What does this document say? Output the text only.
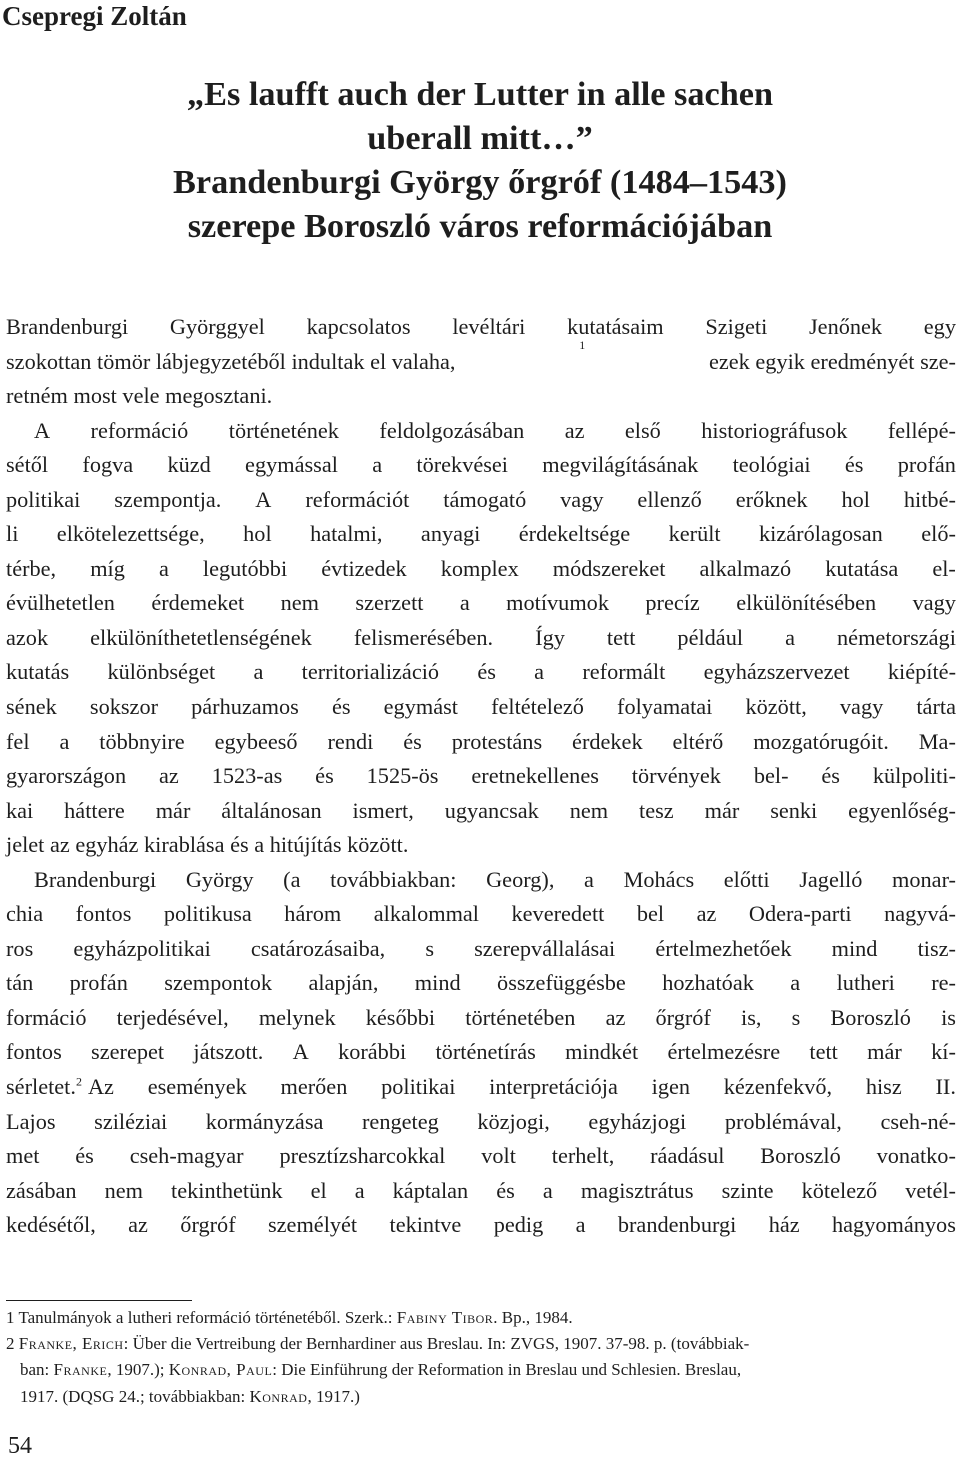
Csepregi Zoltán
„Es laufft auch der Lutter in alle sachen
uberall mitt…”
Brandenburgi György őrgróf (1484–1543)
szerepe Boroszló város reformációjában
Brandenburgi Györggyel kapcsolatos levéltári kutatásaim Szigeti Jenőnek egy
szokottan tömör lábjegyzetéből indultak el valaha,
1
ezek egyik eredményét sze-
retném most vele megosztani.
A reformáció történetének feldolgozásában az első historiográfusok fellépé-
sétől fogva küzd egymással a törekvései megvilágításának teológiai és profán
politikai szempontja. A reformációt támogató vagy ellenző erőknek hol hitbé-
li elkötelezettsége, hol hatalmi, anyagi érdekeltsége került kizárólagosan elő-
térbe, míg a legutóbbi évtizedek komplex módszereket alkalmazó kutatása el-
évülhetetlen érdemeket nem szerzett a motívumok precíz elkülönítésében vagy
azok elkülöníthetetlenségének felismerésében. Így tett például a németországi
kutatás különbséget a territorializáció és a reformált egyházszervezet kiépíté-
sének sokszor párhuzamos és egymást feltételező folyamatai között, vagy tárta
fel a többnyire egybeeső rendi és protestáns érdekek eltérő mozgatórugóit. Ma-
gyarországon az 1523-as és 1525-ös eretnekellenes törvények bel- és külpoliti-
kai háttere már általánosan ismert, ugyancsak nem tesz már senki egyenlőség-
jelet az egyház kirablása és a hitújítás között.
Brandenburgi György (a továbbiakban: Georg), a Mohács előtti Jagelló monar-
chia fontos politikusa három alkalommal keveredett bel az Odera-parti nagyvá-
ros egyházpolitikai csatározásaiba, s szerepvállalásai értelmezhetőek mind tisz-
tán profán szempontok alapján, mind összefüggésbe hozhatóak a lutheri re-
formáció terjedésével, melynek későbbi történetében az őrgróf is, s Boroszló is
fontos szerepet játszott. A korábbi történetírás mindkét értelmezésre tett már kí-
sérletet.$^2$ Az események merően politikai interpretációja igen kézenfekvő, hisz II.
Lajos sziléziai kormányzása rengeteg közjogi, egyházjogi problémával, cseh-né-
met és cseh-magyar presztízsharcokkal volt terhelt, ráadásul Boroszló vonatko-
zásában nem tekinthetünk el a káptalan és a magisztrátus szinte kötelező vetél-
kedésétől, az őrgróf személyét tekintve pedig a brandenburgi ház hagyományos
1 Tanulmányok a lutheri reformáció történetéből. Szerk.: Fabiny Tibor . Bp., 1984.
2
Franke, Erich : Über die Vertreibung der Bernhardiner aus Breslau. In: ZVGS, 1907. 37-98. p. (továbbiak-
ban: Franke , 1907.); Konrad, Paul : Die Einführung der Reformation in Breslau und Schlesien. Breslau,
1917. (DQSG 24.; továbbiakban: Konrad , 1917.)
54
